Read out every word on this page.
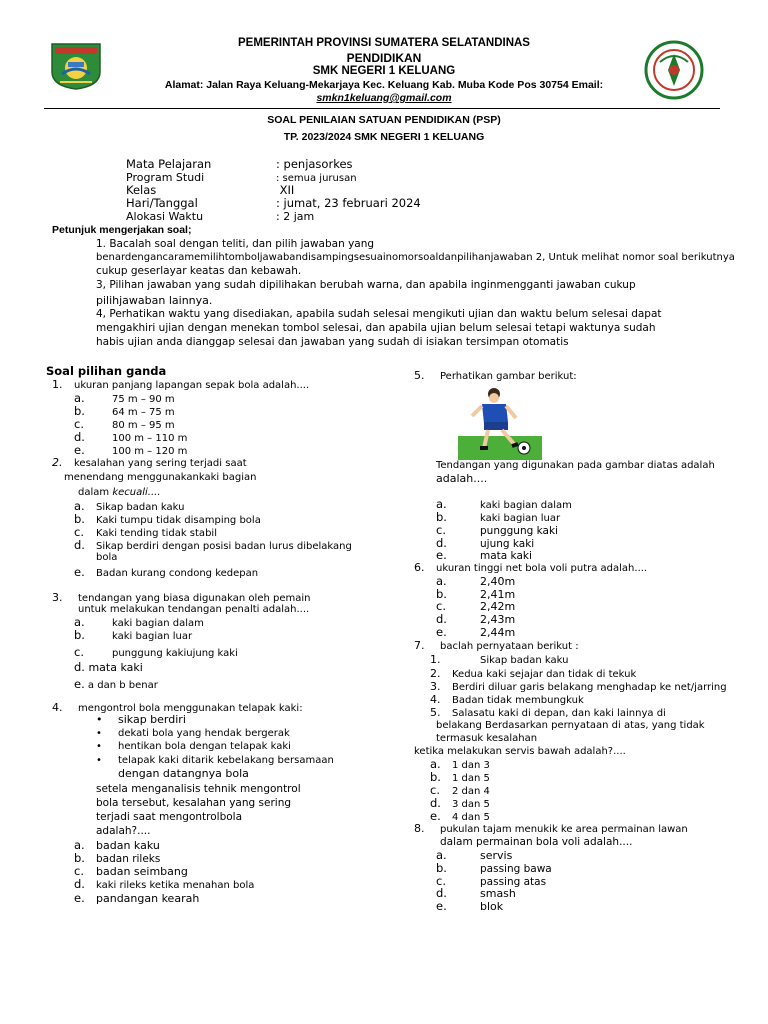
PEMERINTAH PROVINSI SUMATERA SELATANDINAS
PENDIDIKAN
SMK NEGERI 1 KELUANG
Alamat: Jalan Raya Keluang-Mekarjaya Kec. Keluang Kab. Muba Kode Pos 30754 Email:
smkn1keluang@gmail.com
SOAL PENILAIAN SATUAN PENDIDIKAN (PSP)
TP. 2023/2024 SMK NEGERI 1 KELUANG
Mata Pelajaran	: penjasorkes
Program Studi	: semua jurusan
Kelas	XII
Hari/Tanggal	: jumat, 23 februari 2024
Alokasi Waktu	: 2 jam
Petunjuk mengerjakan soal;
1. Bacalah soal dengan teliti, dan pilih jawaban yang
benardengancaramemilihtomboljawabandisampingsesuainomorsoaldanpilihanjawaban 2, Untuk melihat nomor soal berikutnya
cukup geserlayar keatas dan kebawah.
3, Pilihan jawaban yang sudah dipilihakan berubah warna, dan apabila inginmengganti jawaban cukup
pilihjawaban lainnya.
4, Perhatikan waktu yang disediakan, apabila sudah selesai mengikuti ujian dan waktu belum selesai dapat
mengakhiri ujian dengan menekan tombol selesai, dan apabila ujian belum selesai tetapi waktunya sudah
habis ujian anda dianggap selesai dan jawaban yang sudah di isiakan tersimpan otomatis
Soal pilihan ganda
1. ukuran panjang lapangan sepak bola adalah....
a.	75 m – 90 m
b.	64 m – 75 m
c.	80 m – 95 m
d.	100 m – 110 m
e.	100 m – 120 m
2. kesalahan yang sering terjadi saat
menendang menggunakankaki bagian
dalam kecuali....
a. Sikap badan kaku
b. Kaki tumpu tidak disamping bola
c. Kaki tending tidak stabil
d. Sikap berdiri dengan posisi badan lurus dibelakang
bola
e. Badan kurang condong kedepan
3. tendangan yang biasa digunakan oleh pemain
untuk melakukan tendangan penalti adalah....
a.	kaki bagian dalam
b.	kaki bagian luar
c.	punggung kakiujung kaki
d. mata kaki
e. a dan b benar
4. mengontrol bola menggunakan telapak kaki:
• sikap berdiri
• dekati bola yang hendak bergerak
• hentikan bola dengan telapak kaki
• telapak kaki ditarik kebelakang bersamaan
dengan datangnya bola
setela menganalisis tehnik mengontrol
bola tersebut, kesalahan yang sering
terjadi saat mengontrolbola
adalah?....
a. badan kaku
b. badan rileks
c. badan seimbang
d. kaki rileks ketika menahan bola
e. pandangan kearah
5. Perhatikan gambar berikut:
Tendangan yang digunakan pada gambar diatas adalah
adalah....
a.	kaki bagian dalam
b.	kaki bagian luar
c.	punggung kaki
d.	ujung kaki
e.	mata kaki
6. ukuran tinggi net bola voli putra adalah....
a.	2,40m
b.	2,41m
c.	2,42m
d.	2,43m
e.	2,44m
7. baclah pernyataan berikut :
1.	Sikap badan kaku
2. Kedua kaki sejajar dan tidak di tekuk
3. Berdiri diluar garis belakang menghadap ke net/jarring
4. Badan tidak membungkuk
5. Salasatu kaki di depan, dan kaki lainnya di
belakang Berdasarkan pernyataan di atas, yang tidak
termasuk kesalahan
ketika melakukan servis bawah adalah?....
a. 1 dan 3
b. 1 dan 5
c. 2 dan 4
d. 3 dan 5
e. 4 dan 5
8. pukulan tajam menukik ke area permainan lawan
dalam permainan bola voli adalah....
a.	servis
b.	passing bawa
c.	passing atas
d.	smash
e.	blok
